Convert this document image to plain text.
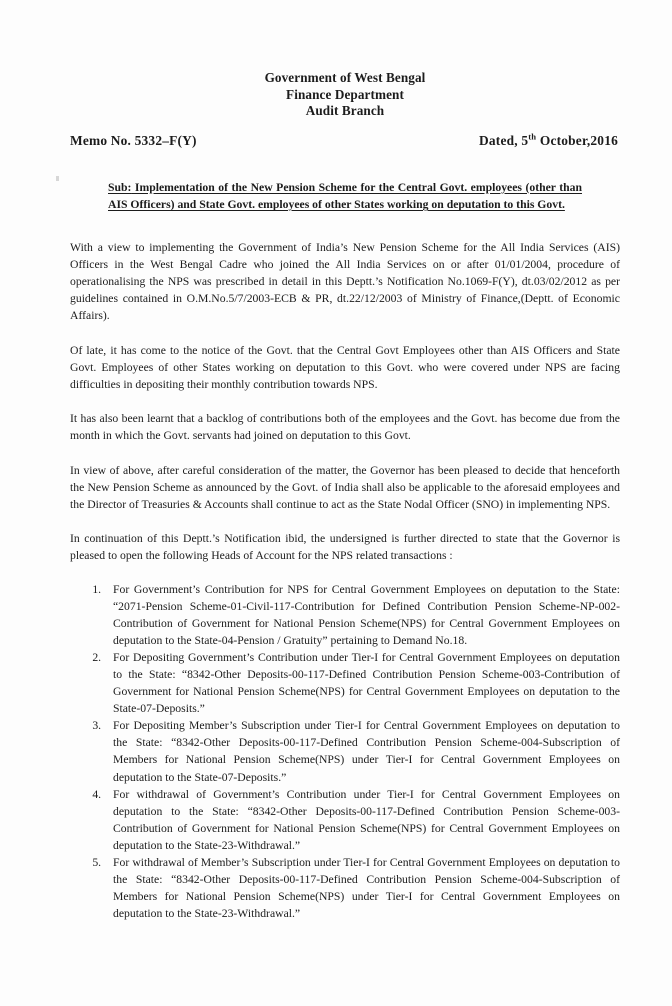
Government of West Bengal
Finance Department
Audit Branch
Memo No. 5332–F(Y)	Dated, 5th October,2016
Sub: Implementation of the New Pension Scheme for the Central Govt. employees (other than AIS Officers) and State Govt. employees of other States working on deputation to this Govt.

With a view to implementing the Government of India’s New Pension Scheme for the All India Services (AIS) Officers in the West Bengal Cadre who joined the All India Services on or after 01/01/2004, procedure of operationalising the NPS was prescribed in detail in this Deptt.’s Notification No.1069-F(Y), dt.03/02/2012 as per guidelines contained in O.M.No.5/7/2003-ECB & PR, dt.22/12/2003 of Ministry of Finance,(Deptt. of Economic Affairs).

Of late, it has come to the notice of the Govt. that the Central Govt Employees other than AIS Officers and State Govt. Employees of other States working on deputation to this Govt. who were covered under NPS are facing difficulties in depositing their monthly contribution towards NPS.

It has also been learnt that a backlog of contributions both of the employees and the Govt. has become due from the month in which the Govt. servants had joined on deputation to this Govt.

In view of above, after careful consideration of the matter, the Governor has been pleased to decide that henceforth the New Pension Scheme as announced by the Govt. of India shall also be applicable to the aforesaid employees and the Director of Treasuries & Accounts shall continue to act as the State Nodal Officer (SNO) in implementing NPS.

In continuation of this Deptt.’s Notification ibid, the undersigned is further directed to state that the Governor is pleased to open the following Heads of Account for the NPS related transactions :

1. For Government’s Contribution for NPS for Central Government Employees on deputation to the State: “2071-Pension Scheme-01-Civil-117-Contribution for Defined Contribution Pension Scheme-NP-002-Contribution of Government for National Pension Scheme(NPS) for Central Government Employees on deputation to the State-04-Pension / Gratuity” pertaining to Demand No.18.
2. For Depositing Government’s Contribution under Tier-I for Central Government Employees on deputation to the State: “8342-Other Deposits-00-117-Defined Contribution Pension Scheme-003-Contribution of Government for National Pension Scheme(NPS) for Central Government Employees on deputation to the State-07-Deposits.”
3. For Depositing Member’s Subscription under Tier-I for Central Government Employees on deputation to the State: “8342-Other Deposits-00-117-Defined Contribution Pension Scheme-004-Subscription of Members for National Pension Scheme(NPS) under Tier-I for Central Government Employees on deputation to the State-07-Deposits.”
4. For withdrawal of Government’s Contribution under Tier-I for Central Government Employees on deputation to the State: “8342-Other Deposits-00-117-Defined Contribution Pension Scheme-003-Contribution of Government for National Pension Scheme(NPS) for Central Government Employees on deputation to the State-23-Withdrawal.”
5. For withdrawal of Member’s Subscription under Tier-I for Central Government Employees on deputation to the State: “8342-Other Deposits-00-117-Defined Contribution Pension Scheme-004-Subscription of Members for National Pension Scheme(NPS) under Tier-I for Central Government Employees on deputation to the State-23-Withdrawal.”
